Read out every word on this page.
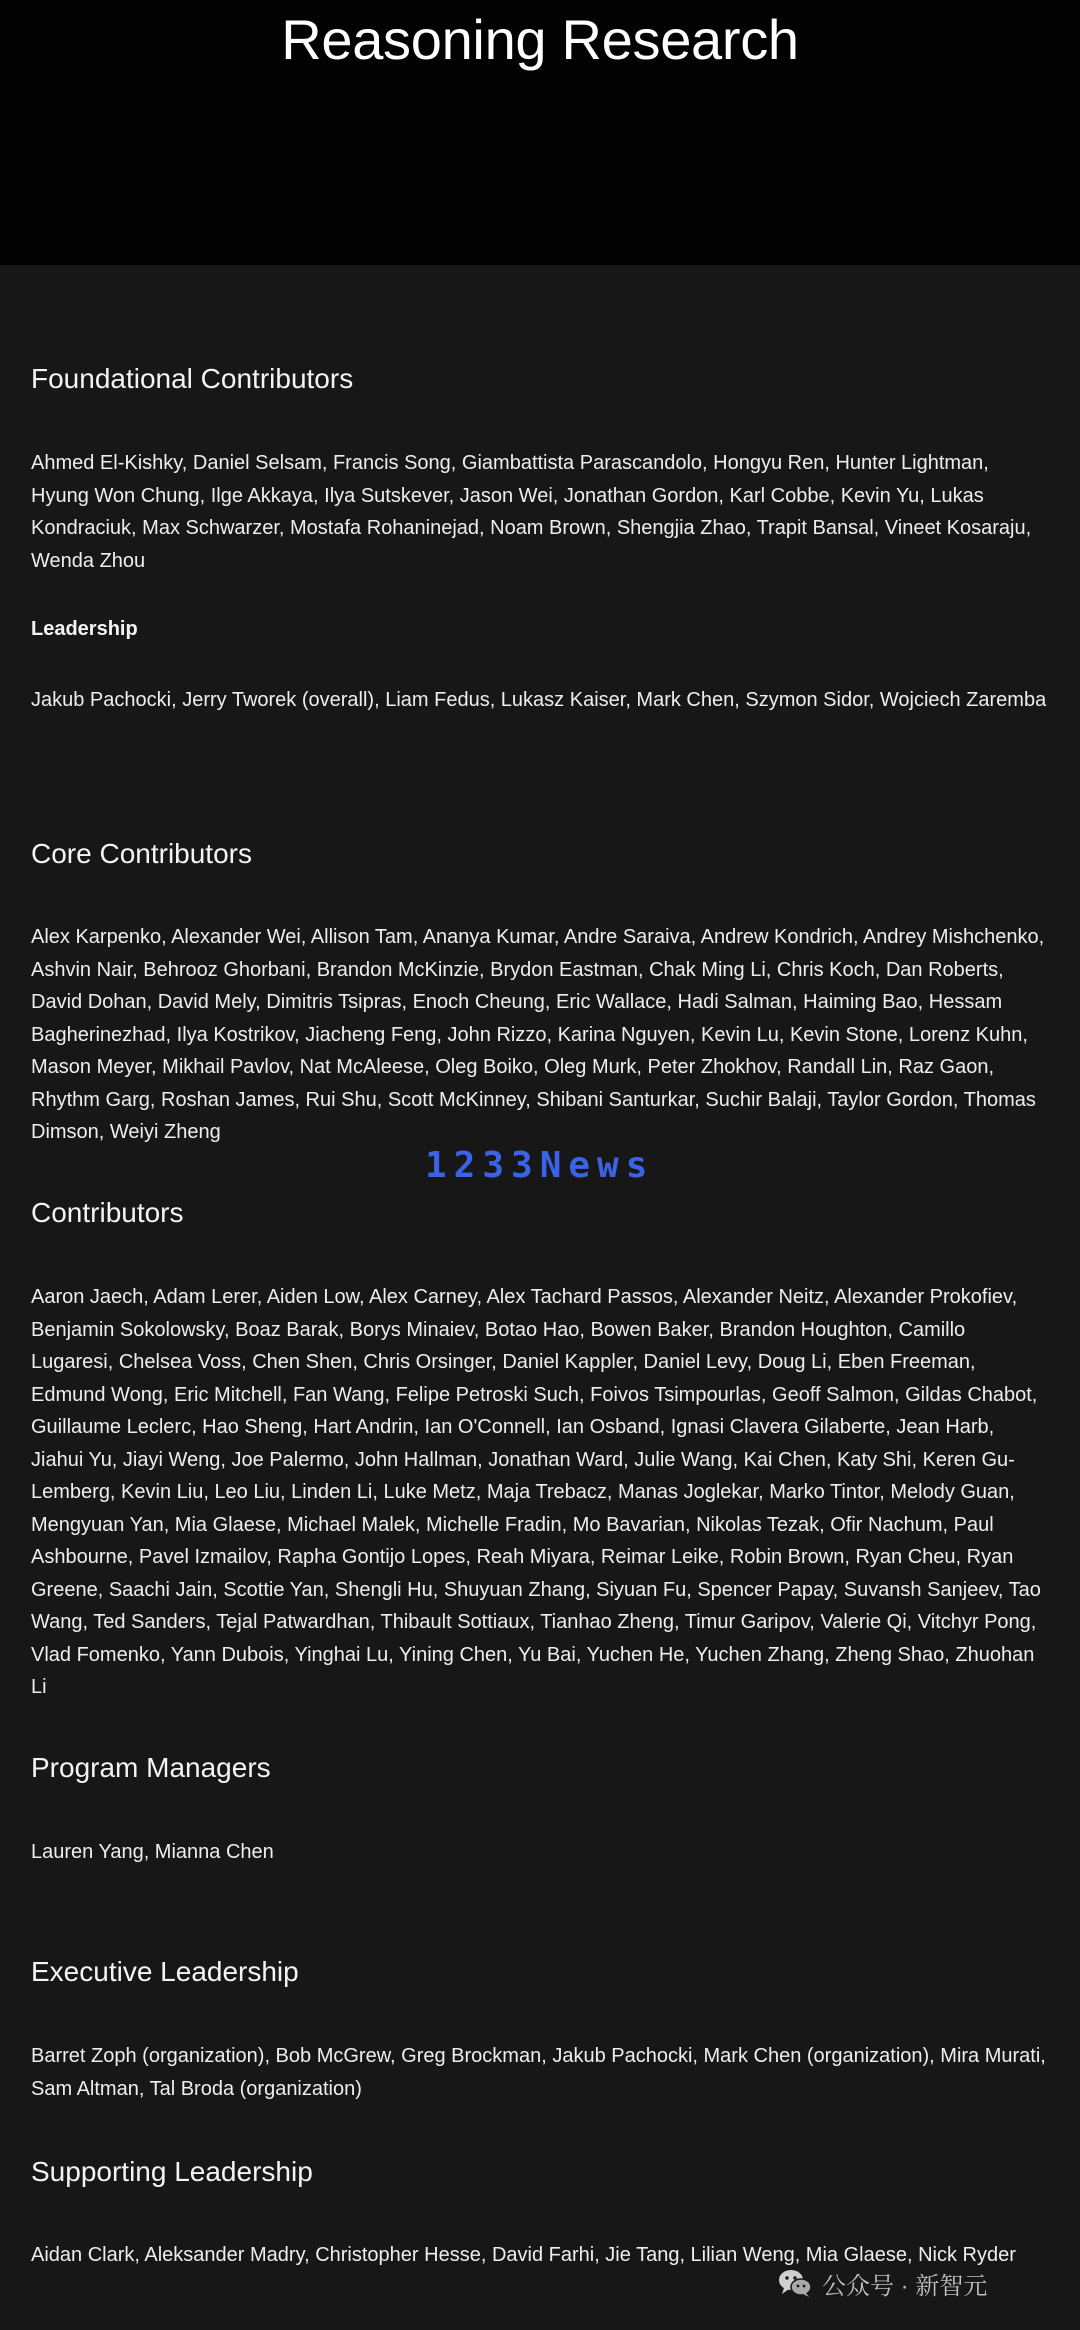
Reasoning Research
Foundational Contributors

Ahmed El-Kishky, Daniel Selsam, Francis Song, Giambattista Parascandolo, Hongyu Ren, Hunter Lightman, Hyung Won Chung, Ilge Akkaya, Ilya Sutskever, Jason Wei, Jonathan Gordon, Karl Cobbe, Kevin Yu, Lukas Kondraciuk, Max Schwarzer, Mostafa Rohaninejad, Noam Brown, Shengjia Zhao, Trapit Bansal, Vineet Kosaraju, Wenda Zhou

Leadership

Jakub Pachocki, Jerry Tworek (overall), Liam Fedus, Lukasz Kaiser, Mark Chen, Szymon Sidor, Wojciech Zaremba

Core Contributors

Alex Karpenko, Alexander Wei, Allison Tam, Ananya Kumar, Andre Saraiva, Andrew Kondrich, Andrey Mishchenko, Ashvin Nair, Behrooz Ghorbani, Brandon McKinzie, Brydon Eastman, Chak Ming Li, Chris Koch, Dan Roberts, David Dohan, David Mely, Dimitris Tsipras, Enoch Cheung, Eric Wallace, Hadi Salman, Haiming Bao, Hessam Bagherinezhad, Ilya Kostrikov, Jiacheng Feng, John Rizzo, Karina Nguyen, Kevin Lu, Kevin Stone, Lorenz Kuhn, Mason Meyer, Mikhail Pavlov, Nat McAleese, Oleg Boiko, Oleg Murk, Peter Zhokhov, Randall Lin, Raz Gaon, Rhythm Garg, Roshan James, Rui Shu, Scott McKinney, Shibani Santurkar, Suchir Balaji, Taylor Gordon, Thomas Dimson, Weiyi Zheng

1233News
Contributors

Aaron Jaech, Adam Lerer, Aiden Low, Alex Carney, Alex Tachard Passos, Alexander Neitz, Alexander Prokofiev, Benjamin Sokolowsky, Boaz Barak, Borys Minaiev, Botao Hao, Bowen Baker, Brandon Houghton, Camillo Lugaresi, Chelsea Voss, Chen Shen, Chris Orsinger, Daniel Kappler, Daniel Levy, Doug Li, Eben Freeman, Edmund Wong, Eric Mitchell, Fan Wang, Felipe Petroski Such, Foivos Tsimpourlas, Geoff Salmon, Gildas Chabot, Guillaume Leclerc, Hao Sheng, Hart Andrin, Ian O'Connell, Ian Osband, Ignasi Clavera Gilaberte, Jean Harb, Jiahui Yu, Jiayi Weng, Joe Palermo, John Hallman, Jonathan Ward, Julie Wang, Kai Chen, Katy Shi, Keren Gu-Lemberg, Kevin Liu, Leo Liu, Linden Li, Luke Metz, Maja Trebacz, Manas Joglekar, Marko Tintor, Melody Guan, Mengyuan Yan, Mia Glaese, Michael Malek, Michelle Fradin, Mo Bavarian, Nikolas Tezak, Ofir Nachum, Paul Ashbourne, Pavel Izmailov, Rapha Gontijo Lopes, Reah Miyara, Reimar Leike, Robin Brown, Ryan Cheu, Ryan Greene, Saachi Jain, Scottie Yan, Shengli Hu, Shuyuan Zhang, Siyuan Fu, Spencer Papay, Suvansh Sanjeev, Tao Wang, Ted Sanders, Tejal Patwardhan, Thibault Sottiaux, Tianhao Zheng, Timur Garipov, Valerie Qi, Vitchyr Pong, Vlad Fomenko, Yann Dubois, Yinghai Lu, Yining Chen, Yu Bai, Yuchen He, Yuchen Zhang, Zheng Shao, Zhuohan Li

Program Managers

Lauren Yang, Mianna Chen

Executive Leadership

Barret Zoph (organization), Bob McGrew, Greg Brockman, Jakub Pachocki, Mark Chen (organization), Mira Murati, Sam Altman, Tal Broda (organization)

Supporting Leadership

Aidan Clark, Aleksander Madry, Christopher Hesse, David Farhi, Jie Tang, Lilian Weng, Mia Glaese, Nick Ryder

公众号 · 新智元
